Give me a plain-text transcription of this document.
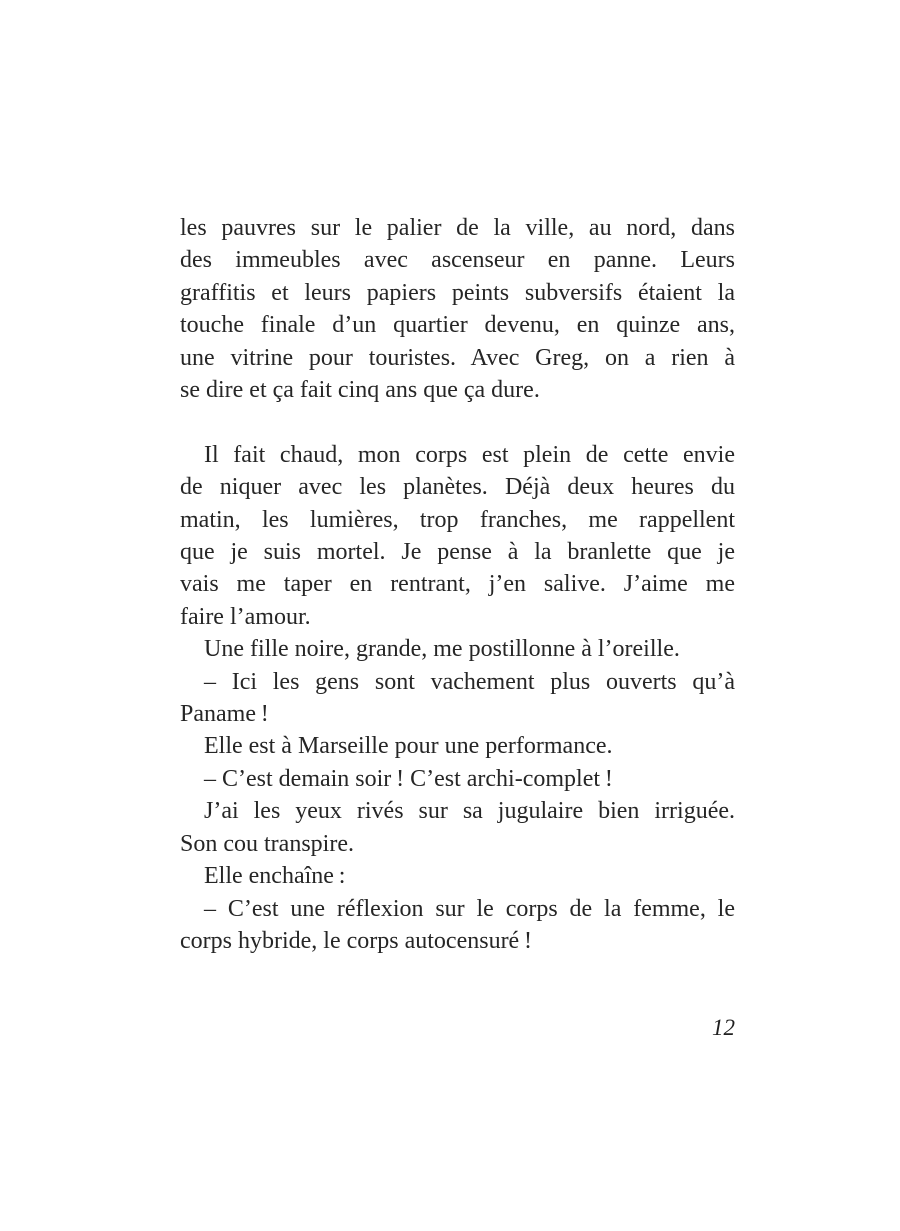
les pauvres sur le palier de la ville, au nord, dans
des immeubles avec ascenseur en panne. Leurs
graffitis et leurs papiers peints subversifs étaient la
touche finale d’un quartier devenu, en quinze ans,
une vitrine pour touristes. Avec Greg, on a rien à
se dire et ça fait cinq ans que ça dure.
Il fait chaud, mon corps est plein de cette envie
de niquer avec les planètes. Déjà deux heures du
matin, les lumières, trop franches, me rappellent
que je suis mortel. Je pense à la branlette que je
vais me taper en rentrant, j’en salive. J’aime me
faire l’amour.
Une fille noire, grande, me postillonne à l’oreille.
– Ici les gens sont vachement plus ouverts qu’à
Paname !
Elle est à Marseille pour une performance.
– C’est demain soir ! C’est archi-complet !
J’ai les yeux rivés sur sa jugulaire bien irriguée.
Son cou transpire.
Elle enchaîne :
– C’est une réflexion sur le corps de la femme, le
corps hybride, le corps autocensuré !
12
